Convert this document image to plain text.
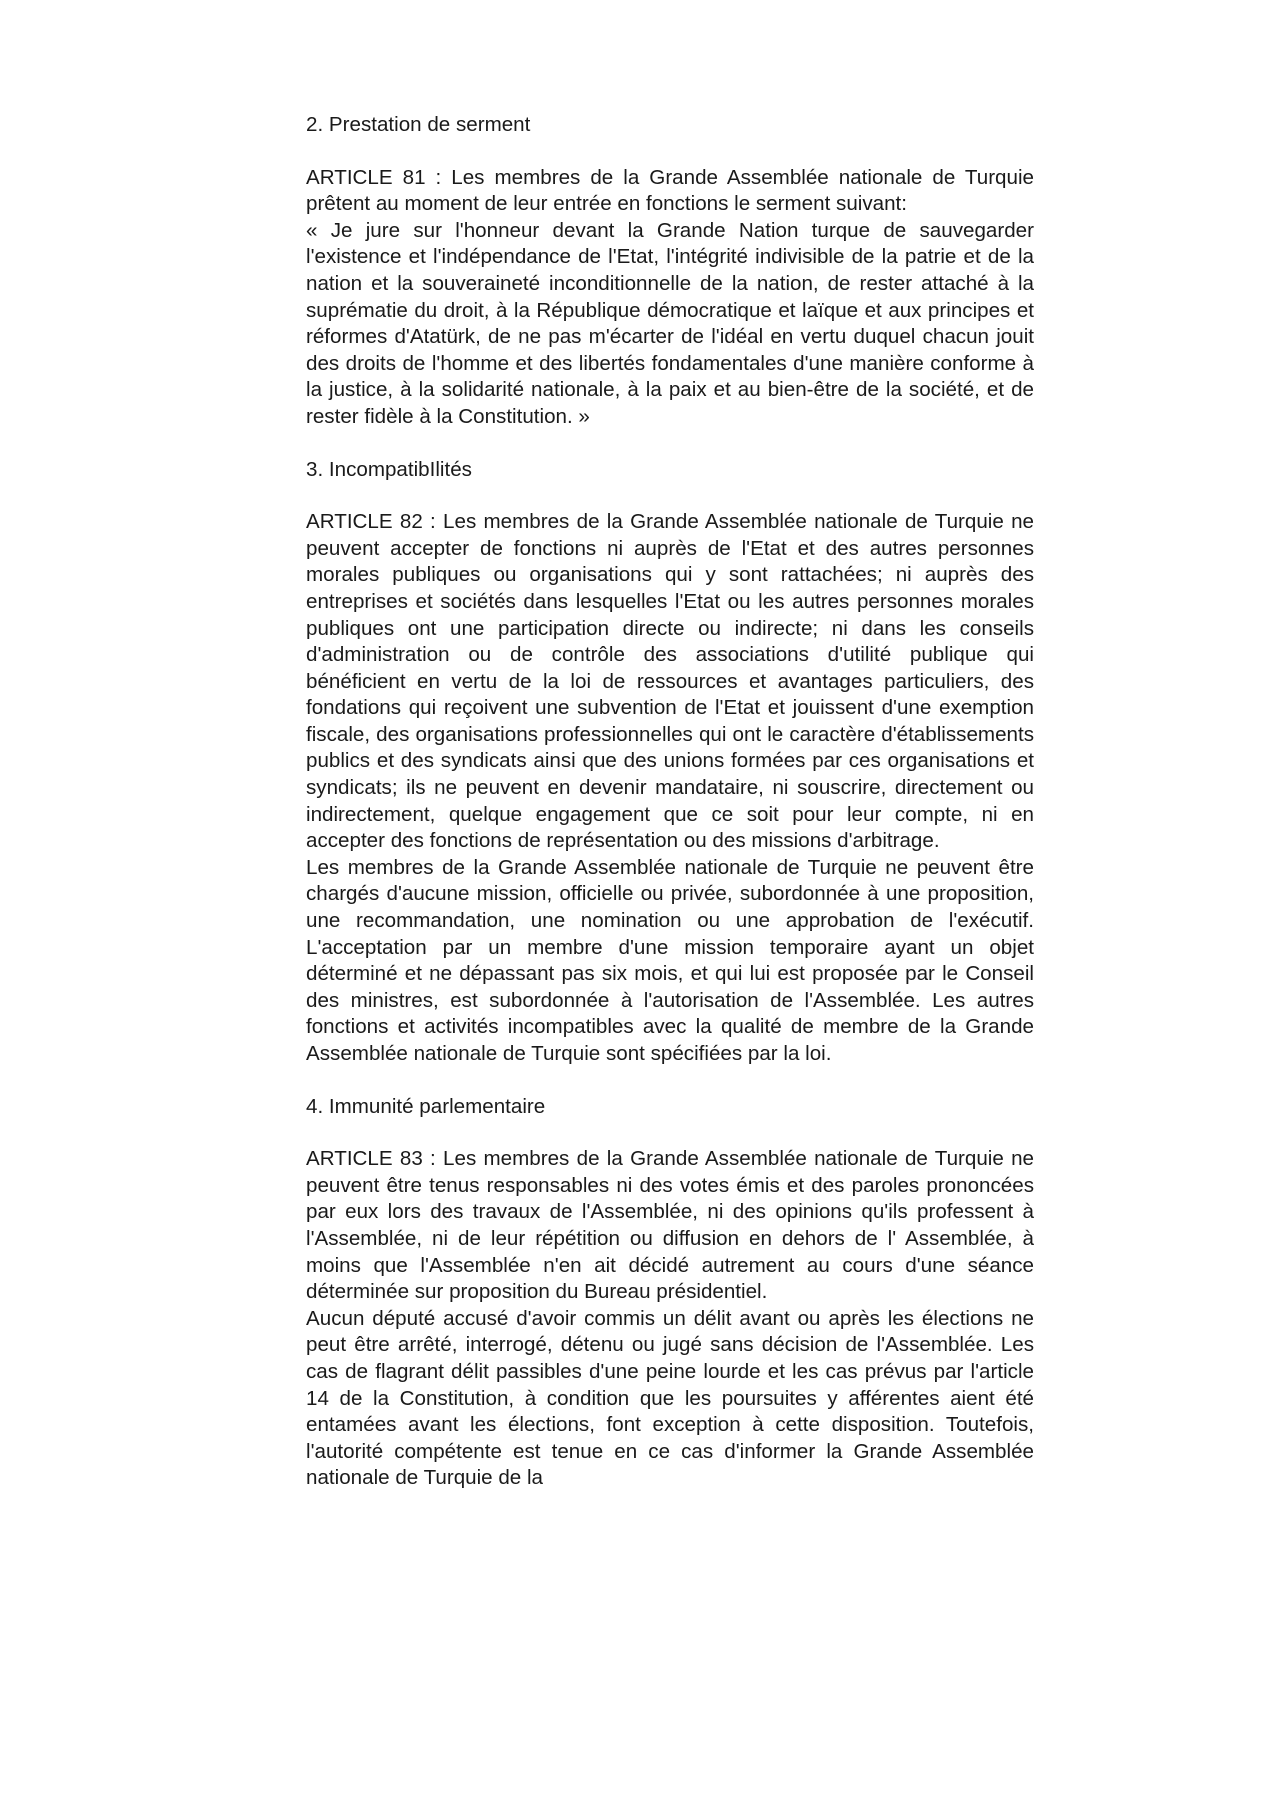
2. Prestation de serment

ARTICLE 81 : Les membres de la Grande Assemblée nationale de Turquie prêtent au moment de leur entrée en fonctions le serment suivant:

« Je jure sur l'honneur devant la Grande Nation turque de sauvegarder l'existence et l'indépendance de l'Etat, l'intégrité indivisible de la patrie et de la nation et la souveraineté inconditionnelle de la nation, de rester attaché à la suprématie du droit, à la République démocratique et laïque et aux principes et réformes d'Atatürk, de ne pas m'écarter de l'idéal en vertu duquel chacun jouit des droits de l'homme et des libertés fondamentales d'une manière conforme à la justice, à la solidarité nationale, à la paix et au bien-être de la société, et de rester fidèle à la Constitution. »

3. IncompatibIlités

ARTICLE 82 : Les membres de la Grande Assemblée nationale de Turquie ne peuvent accepter de fonctions ni auprès de l'Etat et des autres personnes morales publiques ou organisations qui y sont rattachées; ni auprès des entreprises et sociétés dans lesquelles l'Etat ou les autres personnes morales publiques ont une participation directe ou indirecte; ni dans les conseils d'administration ou de contrôle des associations d'utilité publique qui bénéficient en vertu de la loi de ressources et avantages particuliers, des fondations qui reçoivent une subvention de l'Etat et jouissent d'une exemption fiscale, des organisations professionnelles qui ont le caractère d'établissements publics et des syndicats ainsi que des unions formées par ces organisations et syndicats; ils ne peuvent en devenir mandataire, ni souscrire, directement ou indirectement, quelque engagement que ce soit pour leur compte, ni en accepter des fonctions de représentation ou des missions d'arbitrage.

Les membres de la Grande Assemblée nationale de Turquie ne peuvent être chargés d'aucune mission, officielle ou privée, subordonnée à une proposition, une recommandation, une nomination ou une approbation de l'exécutif. L'acceptation par un membre d'une mission temporaire ayant un objet déterminé et ne dépassant pas six mois, et qui lui est proposée par le Conseil des ministres, est subordonnée à l'autorisation de l'Assemblée. Les autres fonctions et activités incompatibles avec la qualité de membre de la Grande Assemblée nationale de Turquie sont spécifiées par la loi.

4. Immunité parlementaire

ARTICLE 83 : Les membres de la Grande Assemblée nationale de Turquie ne peuvent être tenus responsables ni des votes émis et des paroles prononcées par eux lors des travaux de l'Assemblée, ni des opinions qu'ils professent à l'Assemblée, ni de leur répétition ou diffusion en dehors de l' Assemblée, à moins que l'Assemblée n'en ait décidé autrement au cours d'une séance déterminée sur proposition du Bureau présidentiel.

Aucun député accusé d'avoir commis un délit avant ou après les élections ne peut être arrêté, interrogé, détenu ou jugé sans décision de l'Assemblée. Les cas de flagrant délit passibles d'une peine lourde et les cas prévus par l'article 14 de la Constitution, à condition que les poursuites y afférentes aient été entamées avant les élections, font exception à cette disposition. Toutefois, l'autorité compétente est tenue en ce cas d'informer la Grande Assemblée nationale de Turquie de la
